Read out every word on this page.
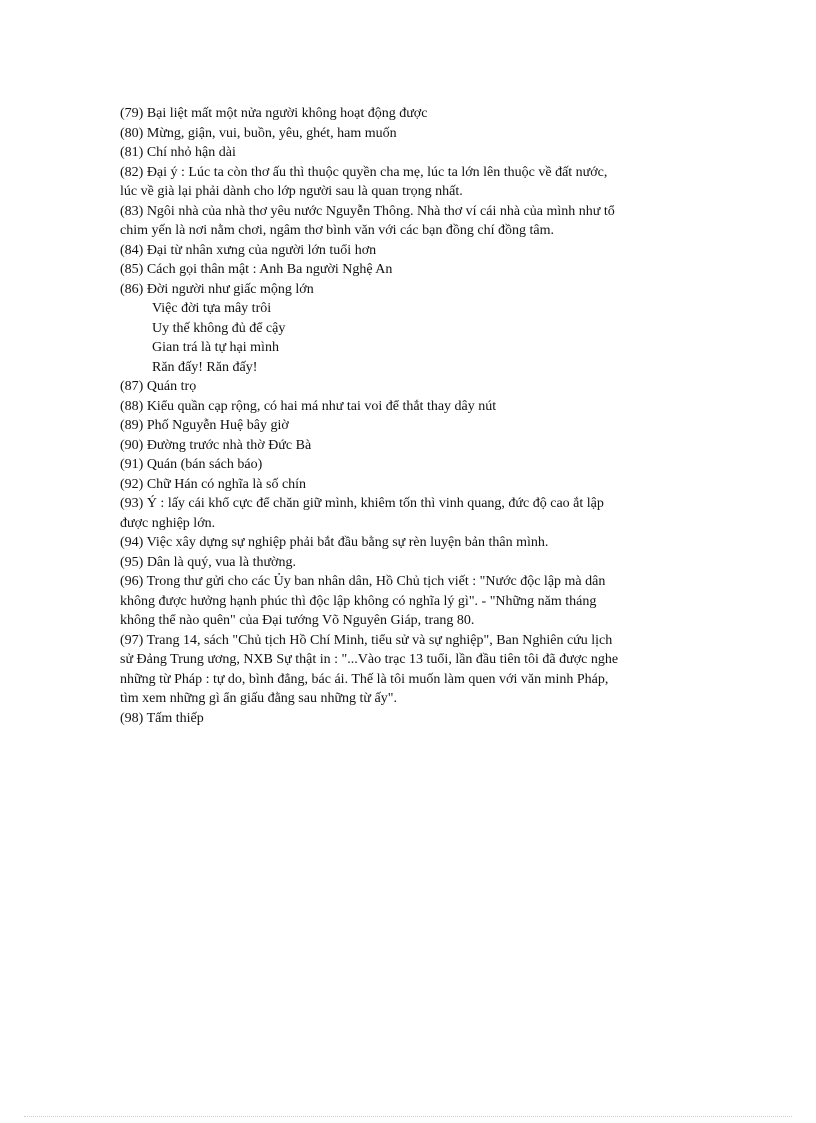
(79) Bại liệt mất một nửa người không hoạt động được
(80) Mừng, giận, vui, buồn, yêu, ghét, ham muốn
(81) Chí nhỏ hận dài
(82) Đại ý : Lúc ta còn thơ ấu thì thuộc quyền cha mẹ, lúc ta lớn lên thuộc về đất nước,
lúc về già lại phải dành cho lớp người sau là quan trọng nhất.
(83) Ngôi nhà của nhà thơ yêu nước Nguyễn Thông. Nhà thơ ví cái nhà của mình như tổ
chim yến là nơi nằm chơi, ngâm thơ bình văn với các bạn đồng chí đồng tâm.
(84) Đại từ nhân xưng của người lớn tuổi hơn
(85) Cách gọi thân mật : Anh Ba người Nghệ An
(86) Đời người như giấc mộng lớn
Việc đời tựa mây trôi
Uy thế không đủ để cậy
Gian trá là tự hại mình
Răn đấy! Răn đấy!
(87) Quán trọ
(88) Kiểu quần cạp rộng, có hai má như tai voi để thắt thay dây nút
(89) Phố Nguyễn Huệ bây giờ
(90) Đường trước nhà thờ Đức Bà
(91) Quán (bán sách báo)
(92) Chữ Hán có nghĩa là số chín
(93) Ý : lấy cái khổ cực để chăn giữ mình, khiêm tốn thì vinh quang, đức độ cao ắt lập
được nghiệp lớn.
(94) Việc xây dựng sự nghiệp phải bắt đầu bằng sự rèn luyện bản thân mình.
(95) Dân là quý, vua là thường.
(96) Trong thư gửi cho các Ủy ban nhân dân, Hồ Chủ tịch viết : "Nước độc lập mà dân
không được hưởng hạnh phúc thì độc lập không có nghĩa lý gì". - "Những năm tháng
không thể nào quên" của Đại tướng Võ Nguyên Giáp, trang 80.
(97) Trang 14, sách "Chủ tịch Hồ Chí Minh, tiểu sử và sự nghiệp", Ban Nghiên cứu lịch
sử Đảng Trung ương, NXB Sự thật in : "...Vào trạc 13 tuổi, lần đầu tiên tôi đã được nghe
những từ Pháp : tự do, bình đẳng, bác ái. Thế là tôi muốn làm quen với văn minh Pháp,
tìm xem những gì ẩn giấu đằng sau những từ ấy".
(98) Tấm thiếp
